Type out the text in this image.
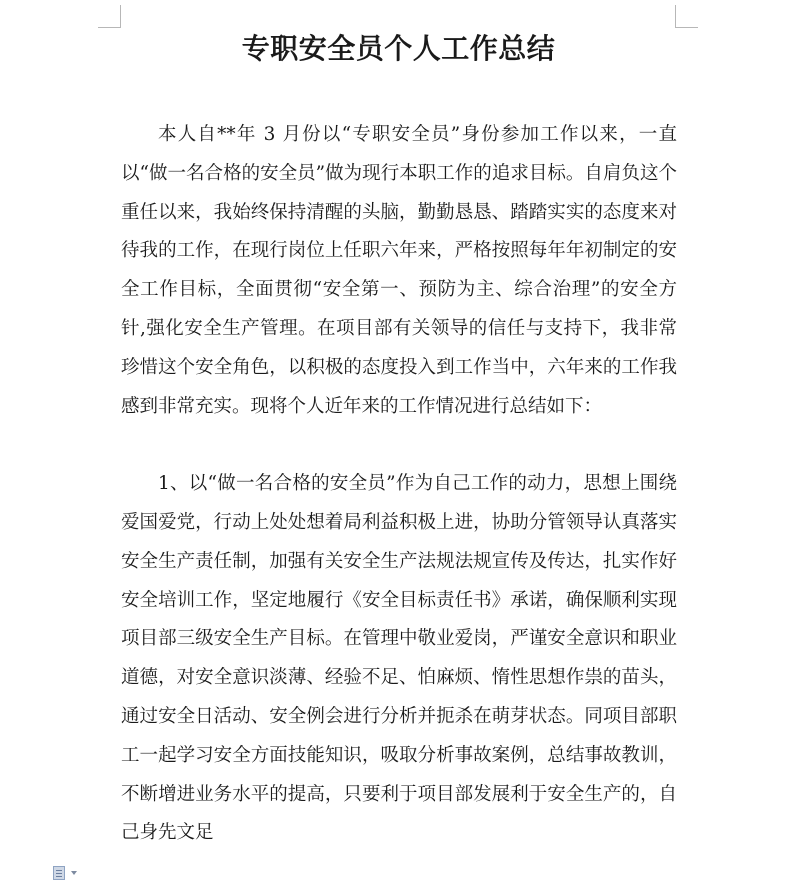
专职安全员个人工作总结

本人自**年 3 月份以“专职安全员”身份参加工作以来，一直以“做一名合格的安全员”做为现行本职工作的追求目标。自肩负这个重任以来，我始终保持清醒的头脑，勤勤恳恳、踏踏实实的态度来对待我的工作，在现行岗位上任职六年来，严格按照每年年初制定的安全工作目标，全面贯彻“安全第一、预防为主、综合治理”的安全方针,强化安全生产管理。在项目部有关领导的信任与支持下，我非常珍惜这个安全角色，以积极的态度投入到工作当中，六年来的工作我感到非常充实。现将个人近年来的工作情况进行总结如下：

1、以“做一名合格的安全员”作为自己工作的动力，思想上围绕爱国爱党，行动上处处想着局利益积极上进，协助分管领导认真落实安全生产责任制，加强有关安全生产法规法规宣传及传达，扎实作好安全培训工作，坚定地履行《安全目标责任书》承诺，确保顺利实现项目部三级安全生产目标。在管理中敬业爱岗，严谨安全意识和职业道德，对安全意识淡薄、经验不足、怕麻烦、惰性思想作祟的苗头，通过安全日活动、安全例会进行分析并扼杀在萌芽状态。同项目部职工一起学习安全方面技能知识，吸取分析事故案例，总结事故教训，不断增进业务水平的提高，只要利于项目部发展利于安全生产的，自己身先文足
